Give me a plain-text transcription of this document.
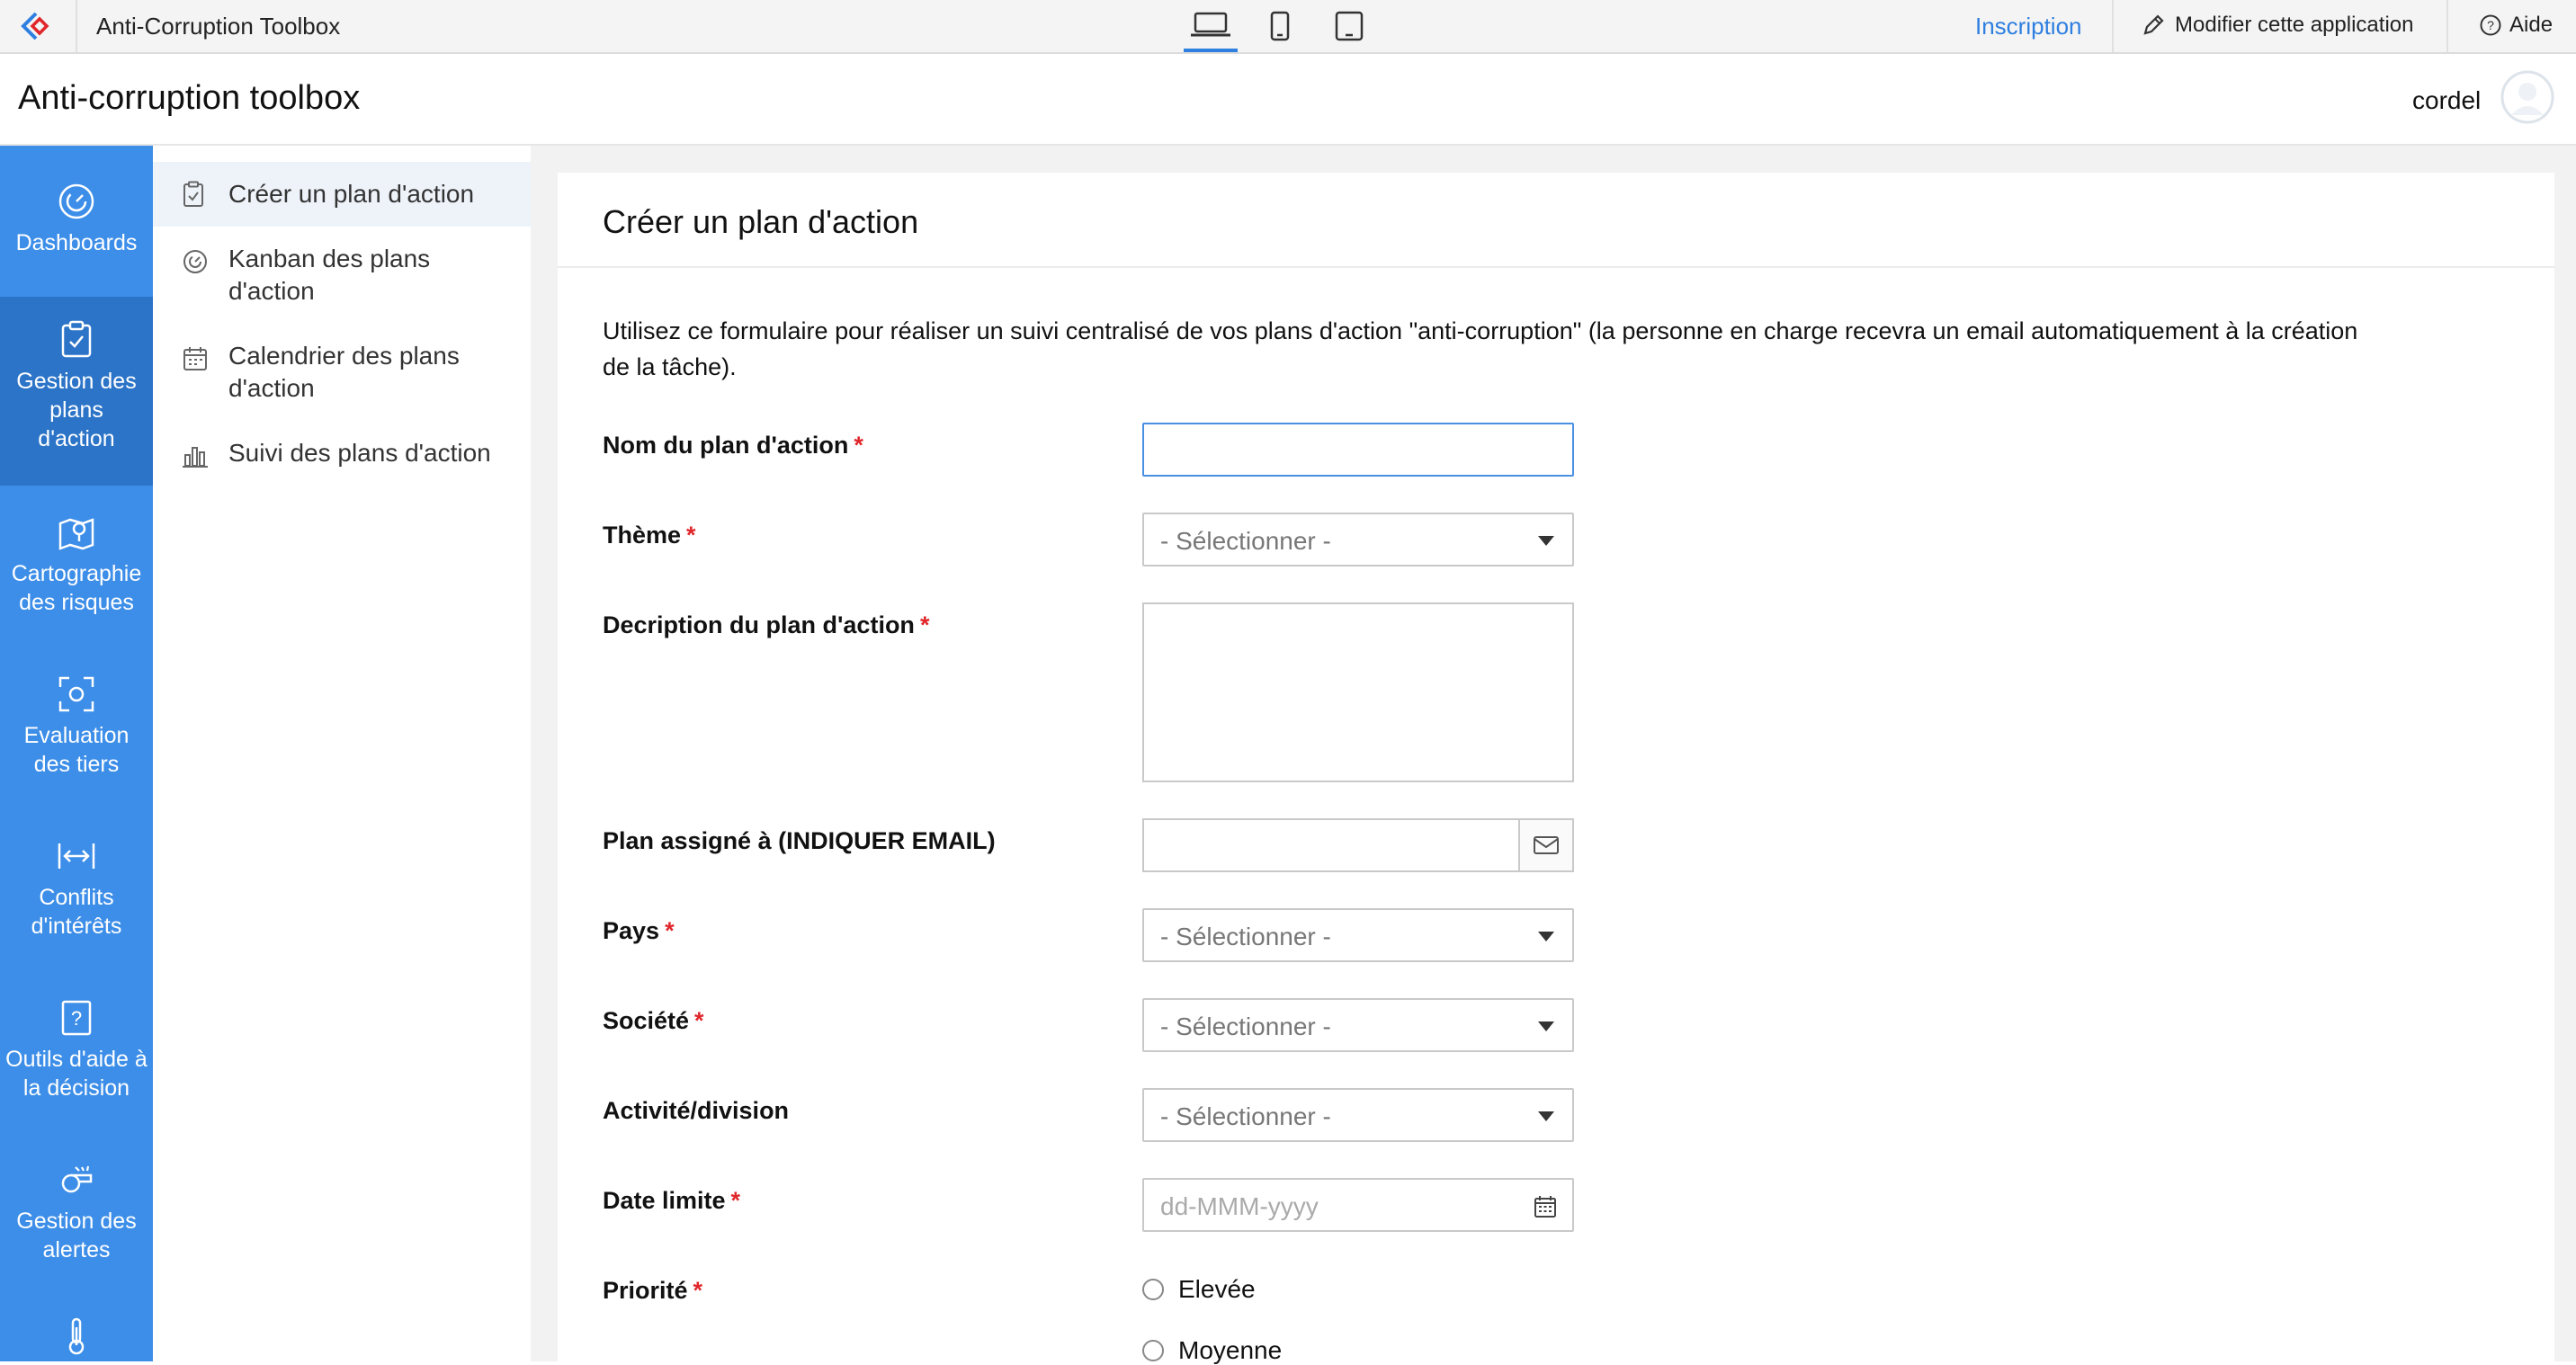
Anti-Corruption Toolbox	Inscription	Modifier cette application	? Aide
Anti-corruption toolbox	cordel
Dashboards
Gestion des plans d'action
Cartographie des risques
Evaluation des tiers
Conflits d'intérêts
?
Outils d'aide à la décision
Gestion des alertes
Créer un plan d'action
Kanban des plans d'action
Calendrier des plans d'action
Suivi des plans d'action
Créer un plan d'action
Utilisez ce formulaire pour réaliser un suivi centralisé de vos plans d'action "anti-corruption" (la personne en charge recevra un email automatiquement à la création de la tâche).
Nom du plan d'action *
Thème *	- Sélectionner -
Decription du plan d'action *
Plan assigné à (INDIQUER EMAIL)
Pays *	- Sélectionner -
Société *	- Sélectionner -
Activité/division	- Sélectionner -
Date limite *	dd-MMM-yyyy
Priorité *	Elevée
Moyenne
